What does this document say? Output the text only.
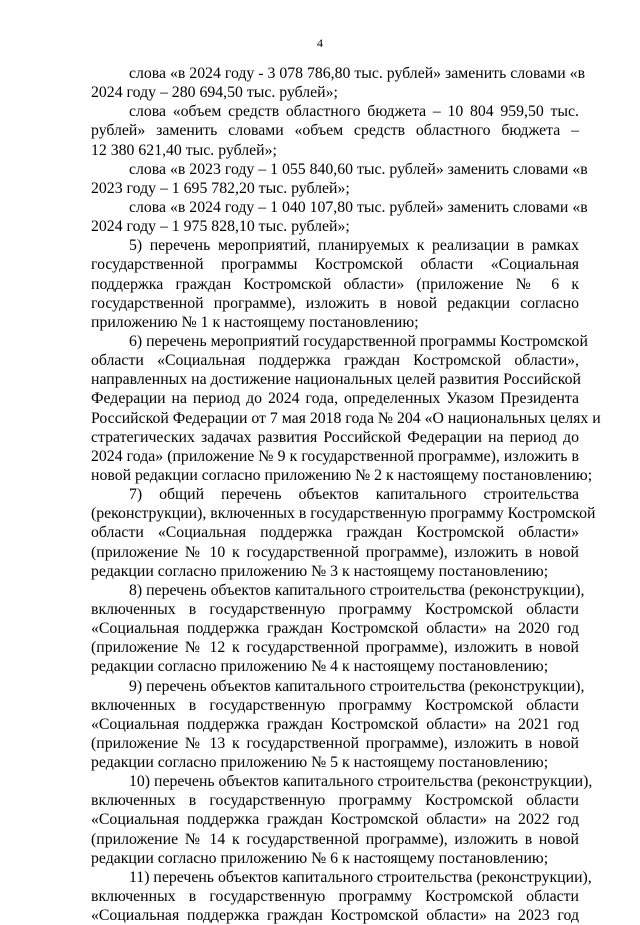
4
слова «в 2024 году - 3 078 786,80 тыс. рублей» заменить словами «в
2024 году – 280 694,50 тыс. рублей»;
слова «объем средств областного бюджета – 10 804 959,50 тыс.
рублей» заменить словами «объем средств областного бюджета –
12 380 621,40 тыс. рублей»;
слова «в 2023 году – 1 055 840,60 тыс. рублей» заменить словами «в
2023 году – 1 695 782,20 тыс. рублей»;
слова «в 2024 году – 1 040 107,80 тыс. рублей» заменить словами «в
2024 году – 1 975 828,10 тыс. рублей»;
5) перечень мероприятий, планируемых к реализации в рамках
государственной программы Костромской области «Социальная
поддержка граждан Костромской области» (приложение № 6 к
государственной программе), изложить в новой редакции согласно
приложению № 1 к настоящему постановлению;
6) перечень мероприятий государственной программы Костромской
области «Социальная поддержка граждан Костромской области»,
направленных на достижение национальных целей развития Российской
Федерации на период до 2024 года, определенных Указом Президента
Российской Федерации от 7 мая 2018 года № 204 «О национальных целях и
стратегических задачах развития Российской Федерации на период до
2024 года» (приложение № 9 к государственной программе), изложить в
новой редакции согласно приложению № 2 к настоящему постановлению;
7) общий перечень объектов капитального строительства
(реконструкции), включенных в государственную программу Костромской
области «Социальная поддержка граждан Костромской области»
(приложение № 10 к государственной программе), изложить в новой
редакции согласно приложению № 3 к настоящему постановлению;
8) перечень объектов капитального строительства (реконструкции),
включенных в государственную программу Костромской области
«Социальная поддержка граждан Костромской области» на 2020 год
(приложение № 12 к государственной программе), изложить в новой
редакции согласно приложению № 4 к настоящему постановлению;
9) перечень объектов капитального строительства (реконструкции),
включенных в государственную программу Костромской области
«Социальная поддержка граждан Костромской области» на 2021 год
(приложение № 13 к государственной программе), изложить в новой
редакции согласно приложению № 5 к настоящему постановлению;
10) перечень объектов капитального строительства (реконструкции),
включенных в государственную программу Костромской области
«Социальная поддержка граждан Костромской области» на 2022 год
(приложение № 14 к государственной программе), изложить в новой
редакции согласно приложению № 6 к настоящему постановлению;
11) перечень объектов капитального строительства (реконструкции),
включенных в государственную программу Костромской области
«Социальная поддержка граждан Костромской области» на 2023 год
